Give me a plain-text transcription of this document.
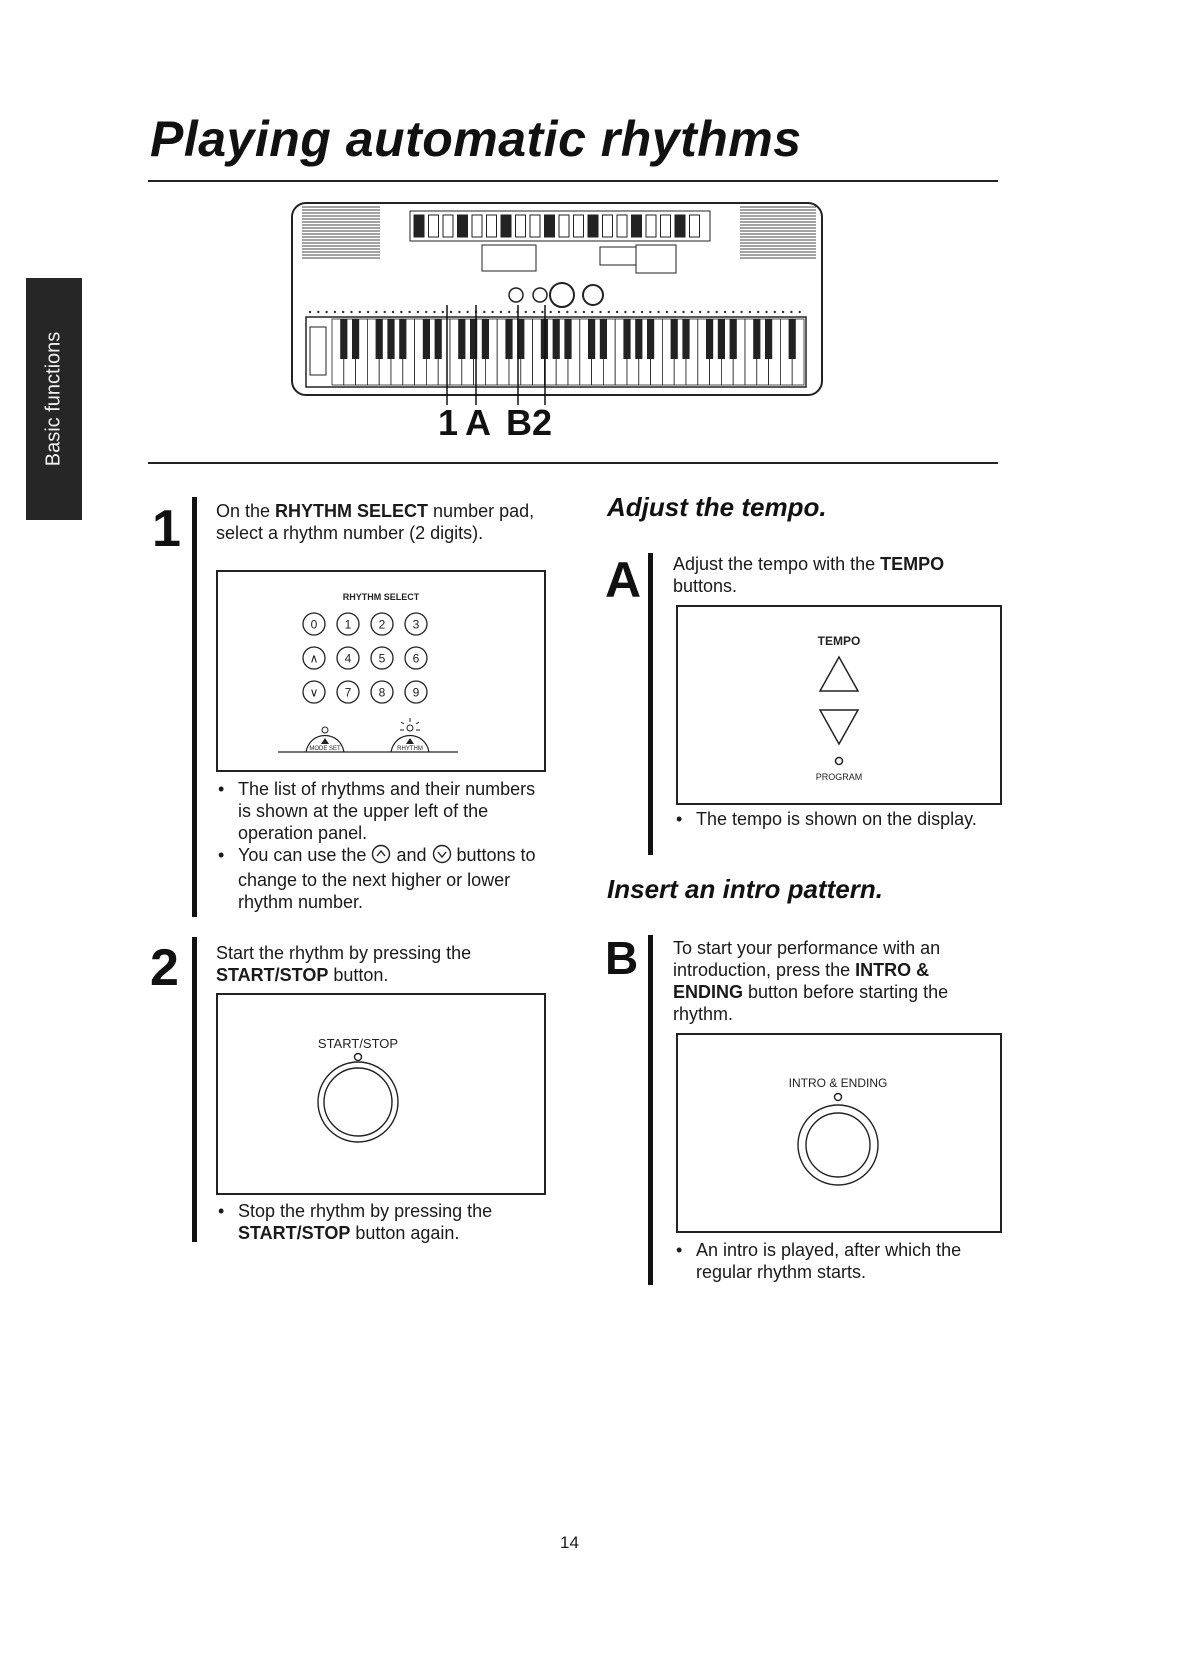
Playing automatic rhythms
Basic functions	1 A B 2
1 On the RHYTHM SELECT number pad, select a rhythm number (2 digits).
RHYTHM SELECT
0 1 2 3
∧ 4 5 6
∨ 7 8 9
MODE SET	RHYTHM
• The list of rhythms and their numbers is shown at the upper left of the operation panel.
• You can use the  and  buttons to change to the next higher or lower rhythm number.
2 Start the rhythm by pressing the START/STOP button.
START/STOP
• Stop the rhythm by pressing the START/STOP button again.
Adjust the tempo.
A Adjust the tempo with the TEMPO buttons.
TEMPO
PROGRAM
• The tempo is shown on the display.
Insert an intro pattern.
B To start your performance with an introduction, press the INTRO & ENDING button before starting the rhythm.
INTRO & ENDING
• An intro is played, after which the regular rhythm starts.
14
